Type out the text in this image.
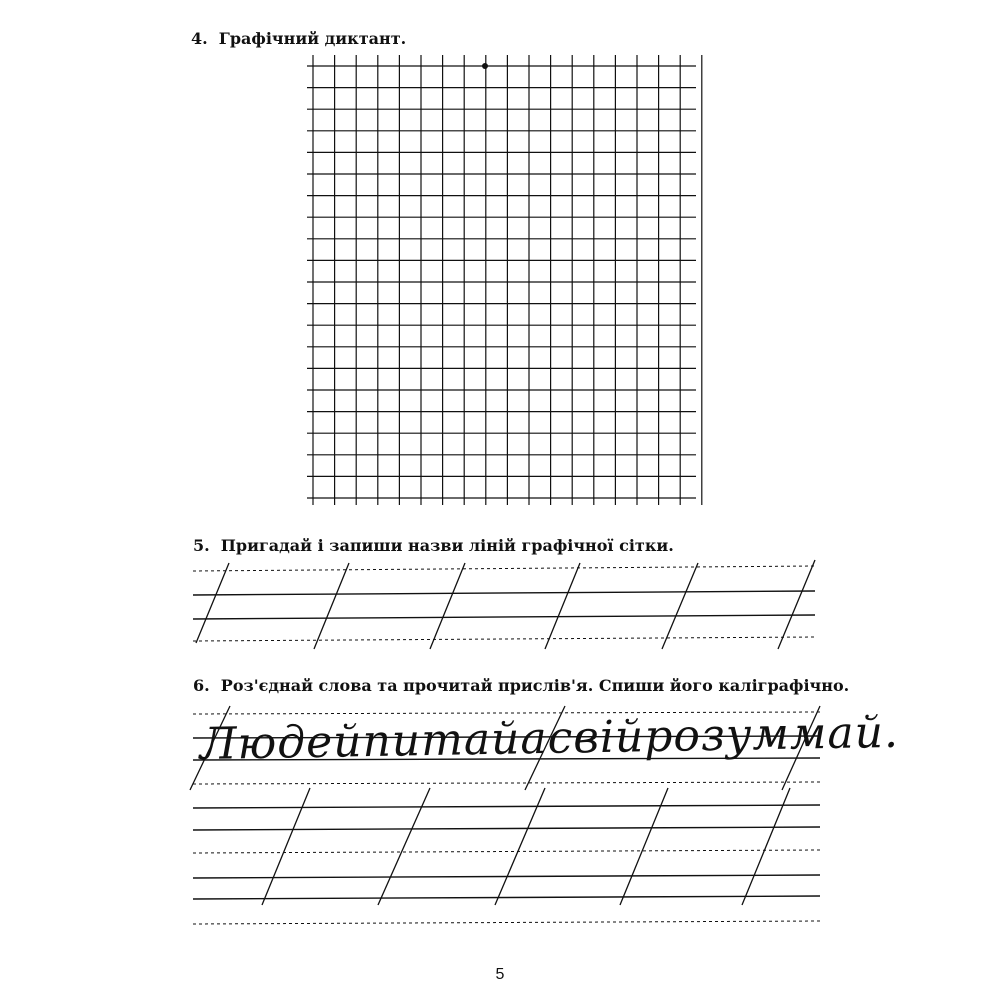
4. Графічний диктант.
5. Пригадай і запиши назви ліній графічної сітки.
6. Роз'єднай слова та прочитай прислів'я. Спиши його каліграфічно.
Людейпитайасвійрозуммай.
5
